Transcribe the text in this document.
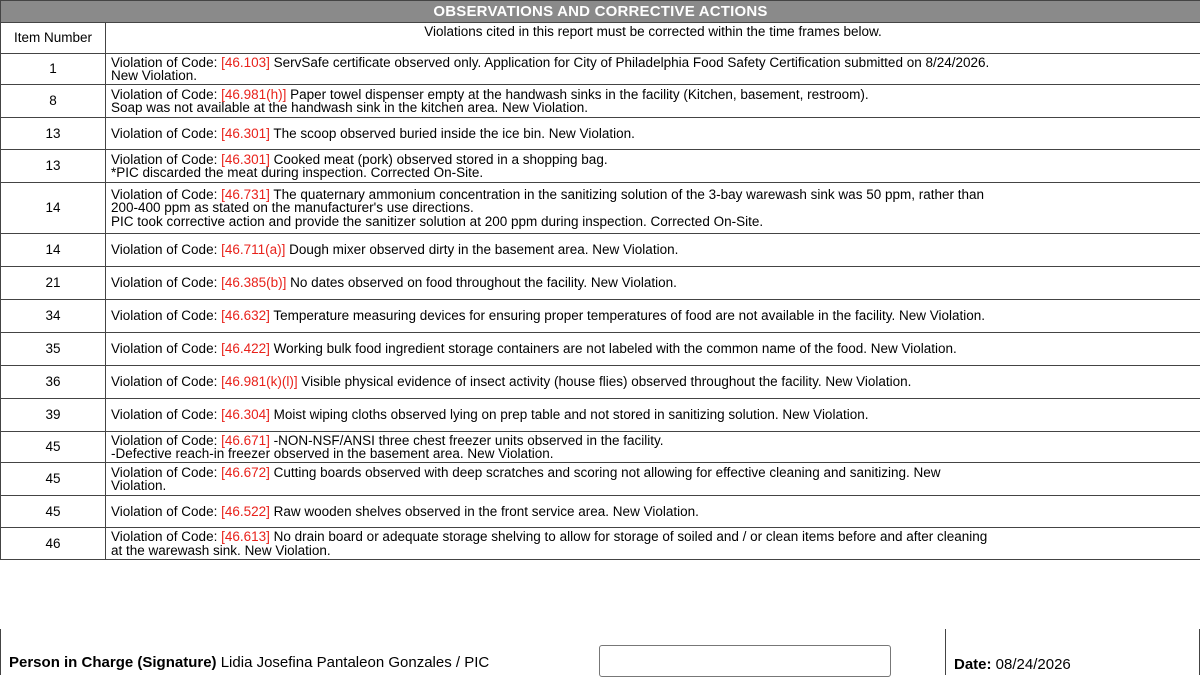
OBSERVATIONS AND CORRECTIVE ACTIONS	
Item Number	Violations cited in this report must be corrected within the time frames below.
1	Violation of Code: [46.103] ServSafe certificate observed only. Application for City of Philadelphia Food Safety Certification submitted on 8/24/2026.
New Violation.
8	Violation of Code: [46.981(h)] Paper towel dispenser empty at the handwash sinks in the facility (Kitchen, basement, restroom).
Soap was not available at the handwash sink in the kitchen area. New Violation.
13	Violation of Code: [46.301] The scoop observed buried inside the ice bin. New Violation.
13	Violation of Code: [46.301] Cooked meat (pork) observed stored in a shopping bag.
*PIC discarded the meat during inspection. Corrected On-Site.
14	Violation of Code: [46.731] The quaternary ammonium concentration in the sanitizing solution of the 3-bay warewash sink was 50 ppm, rather than
200-400 ppm as stated on the manufacturer's use directions.
PIC took corrective action and provide the sanitizer solution at 200 ppm during inspection. Corrected On-Site.
14	Violation of Code: [46.711(a)] Dough mixer observed dirty in the basement area. New Violation.
21	Violation of Code: [46.385(b)] No dates observed on food throughout the facility. New Violation.
34	Violation of Code: [46.632] Temperature measuring devices for ensuring proper temperatures of food are not available in the facility. New Violation.
35	Violation of Code: [46.422] Working bulk food ingredient storage containers are not labeled with the common name of the food. New Violation.
36	Violation of Code: [46.981(k)(l)] Visible physical evidence of insect activity (house flies) observed throughout the facility. New Violation.
39	Violation of Code: [46.304] Moist wiping cloths observed lying on prep table and not stored in sanitizing solution. New Violation.
45	Violation of Code: [46.671] -NON-NSF/ANSI three chest freezer units observed in the facility.
-Defective reach-in freezer observed in the basement area. New Violation.
45	Violation of Code: [46.672] Cutting boards observed with deep scratches and scoring not allowing for effective cleaning and sanitizing. New
Violation.
45	Violation of Code: [46.522] Raw wooden shelves observed in the front service area. New Violation.
46	Violation of Code: [46.613] No drain board or adequate storage shelving to allow for storage of soiled and / or clean items before and after cleaning
at the warewash sink. New Violation.
Person in Charge (Signature) Lidia Josefina Pantaleon Gonzales / PIC	Date: 08/24/2026
